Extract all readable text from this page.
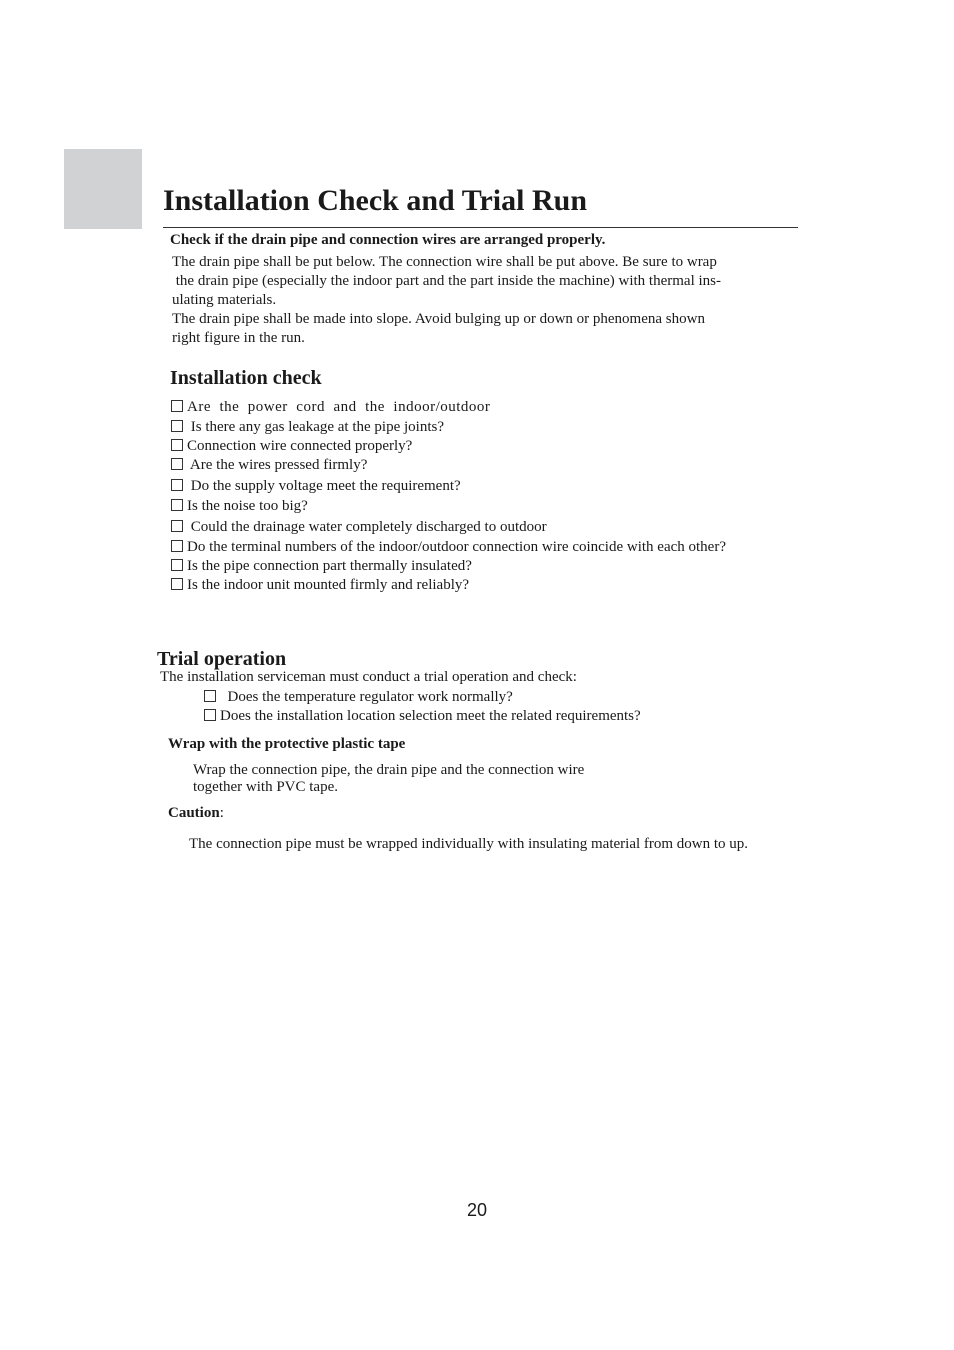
Installation Check and Trial Run

Check if the drain pipe and connection wires are arranged properly.

The drain pipe shall be put below. The connection wire shall be put above. Be sure to wrap

the drain pipe (especially the indoor part and the part inside the machine) with thermal ins-

ulating materials.

The drain pipe shall be made into slope. Avoid bulging up or down or phenomena shown

right figure in the run.

Installation check
Are  the  power  cord  and  the  indoor/outdoor
Is there any gas leakage at the pipe joints?
Connection wire connected properly?
Are the wires pressed firmly?
Do the supply voltage meet the requirement?
Is the noise too big?
Could the drainage water completely discharged to outdoor
Do the terminal numbers of the indoor/outdoor connection wire coincide with each other?
Is the pipe connection part thermally insulated?
Is the indoor unit mounted firmly and reliably?
Trial operation

The installation serviceman must conduct a trial operation and check:

Does the temperature regulator work normally?
Does the installation location selection meet the related requirements?

Wrap with the protective plastic tape

Wrap the connection pipe, the drain pipe and the connection wire

together with PVC tape.

Caution:

The connection pipe must be wrapped individually with insulating material from down to up.

20
